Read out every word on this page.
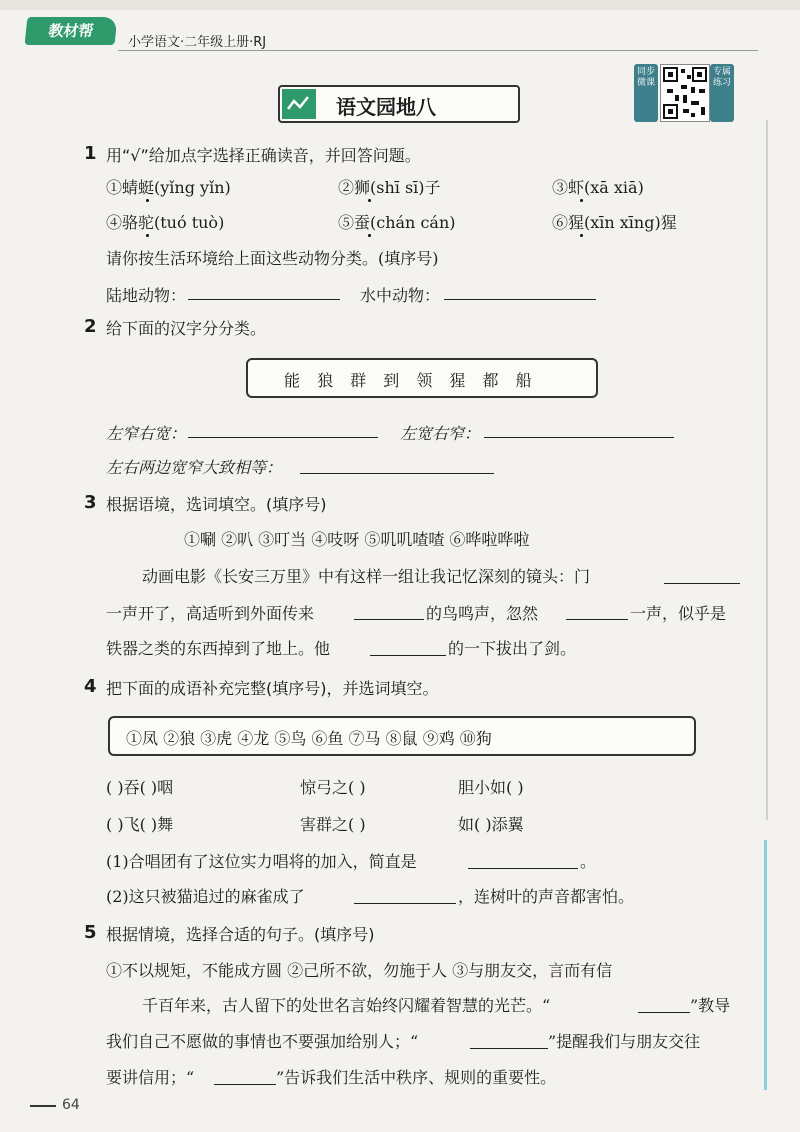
教材帮
小学语文·二年级上册·RJ
语文园地八
同步微课
专属练习
1 用“√”给加点字选择正确读音，并回答问题。
①蜻蜓(yǐng yǐn)	②狮(shī sī)子	③虾(xā xiā)
④骆驼(tuó tuò)	⑤蚕(chán cán)	⑥猩(xīn xīng)猩
请你按生活环境给上面这些动物分类。(填序号)
陆地动物：	水中动物：
2 给下面的汉字分分类。
能 狼 群 到 领 猩 都 船
左窄右宽：	左宽右窄：
左右两边宽窄大致相等：
3 根据语境，选词填空。(填序号)
①唰 ②叭 ③叮当 ④吱呀 ⑤叽叽喳喳 ⑥哗啦哗啦
动画电影《长安三万里》中有这样一组让我记忆深刻的镜头：门
一声开了，高适听到外面传来	的鸟鸣声，忽然	一声，似乎是
铁器之类的东西掉到了地上。他	的一下拔出了剑。
4 把下面的成语补充完整(填序号)，并选词填空。
①凤 ②狼 ③虎 ④龙 ⑤鸟 ⑥鱼 ⑦马 ⑧鼠 ⑨鸡 ⑩狗
( )吞( )咽	惊弓之( )	胆小如( )
( )飞( )舞	害群之( )	如( )添翼
(1)合唱团有了这位实力唱将的加入，简直是	。
(2)这只被猫追过的麻雀成了	，连树叶的声音都害怕。
5 根据情境，选择合适的句子。(填序号)
①不以规矩，不能成方圆 ②己所不欲，勿施于人 ③与朋友交，言而有信
千百年来，古人留下的处世名言始终闪耀着智慧的光芒。“	”教导
我们自己不愿做的事情也不要强加给别人；“	”提醒我们与朋友交往
要讲信用；“	”告诉我们生活中秩序、规则的重要性。
64
